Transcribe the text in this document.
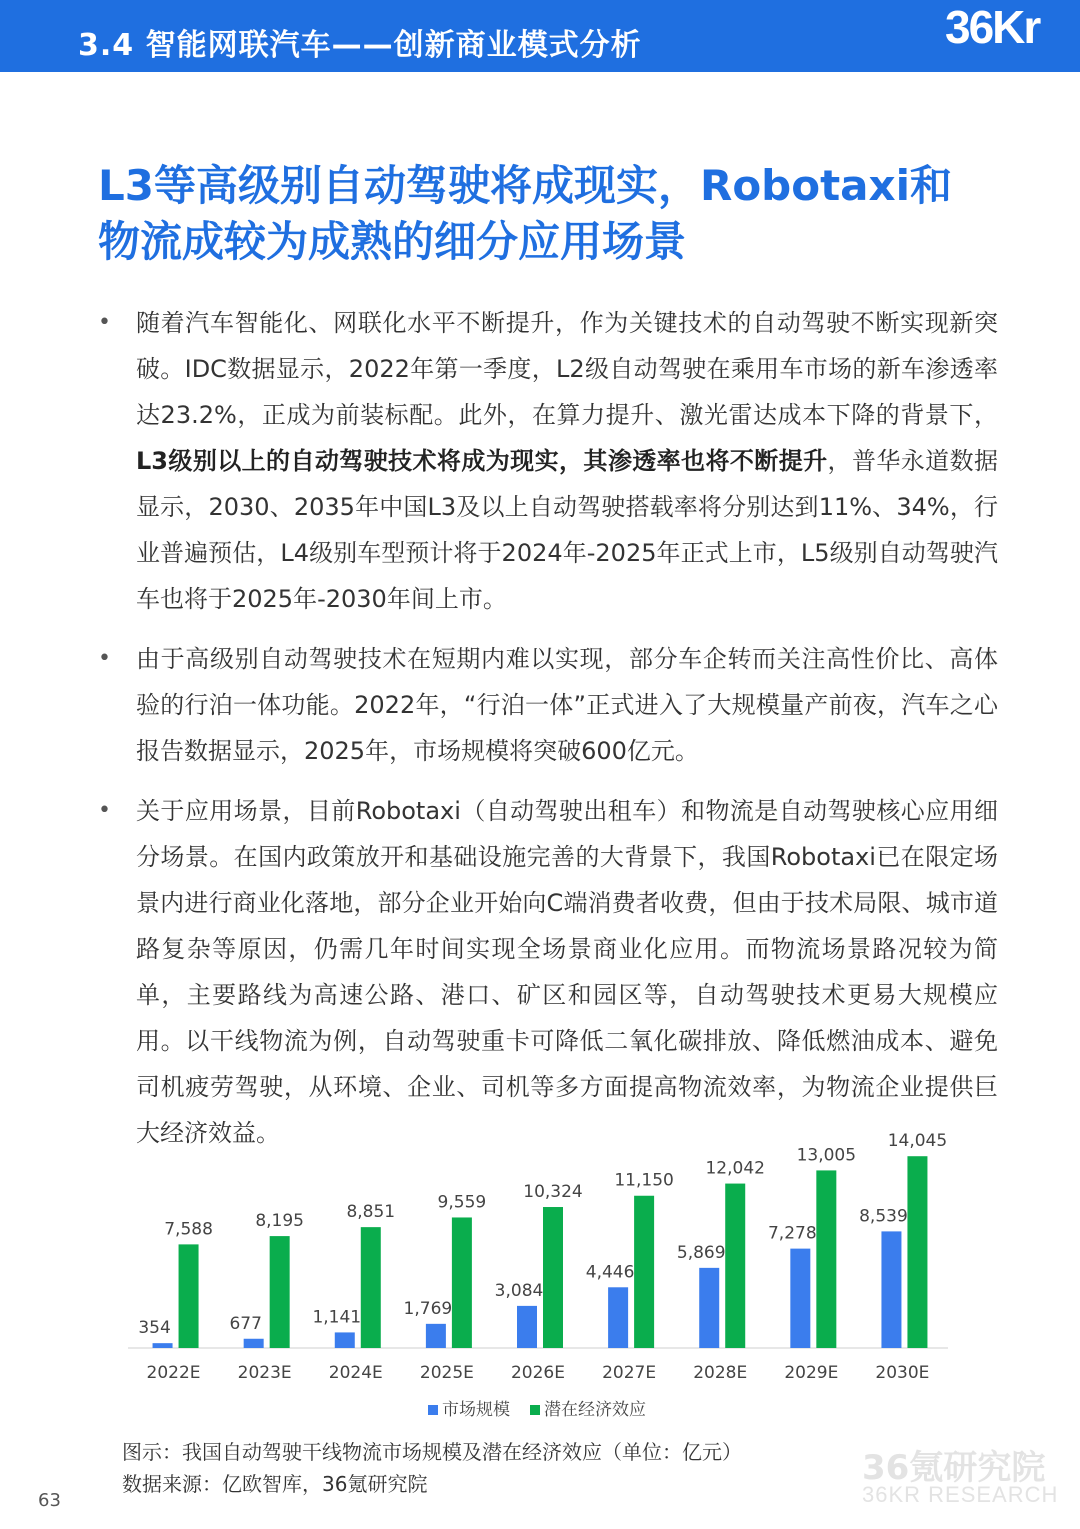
3.4 智能网联汽车——创新商业模式分析	36Kr
L3等高级别自动驾驶将成现实，Robotaxi和
物流成较为成熟的细分应用场景
• 随着汽车智能化、网联化水平不断提升，作为关键技术的自动驾驶不断实现新突破。IDC数据显示，2022年第一季度，L2级自动驾驶在乘用车市场的新车渗透率达23.2%，正成为前装标配。此外，在算力提升、激光雷达成本下降的背景下，L3级别以上的自动驾驶技术将成为现实，其渗透率也将不断提升，普华永道数据显示，2030、2035年中国L3及以上自动驾驶搭载率将分别达到11%、34%，行业普遍预估，L4级别车型预计将于2024年-2025年正式上市，L5级别自动驾驶汽车也将于2025年-2030年间上市。
• 由于高级别自动驾驶技术在短期内难以实现，部分车企转而关注高性价比、高体验的行泊一体功能。2022年，“行泊一体”正式进入了大规模量产前夜，汽车之心报告数据显示，2025年，市场规模将突破600亿元。
• 关于应用场景，目前Robotaxi（自动驾驶出租车）和物流是自动驾驶核心应用细分场景。在国内政策放开和基础设施完善的大背景下，我国Robotaxi已在限定场景内进行商业化落地，部分企业开始向C端消费者收费，但由于技术局限、城市道路复杂等原因，仍需几年时间实现全场景商业化应用。而物流场景路况较为简单，主要路线为高速公路、港口、矿区和园区等，自动驾驶技术更易大规模应用。以干线物流为例，自动驾驶重卡可降低二氧化碳排放、降低燃油成本、避免司机疲劳驾驶，从环境、企业、司机等多方面提高物流效率，为物流企业提供巨大经济效益。
354
7,588
2022E
677
8,195
2023E
1,141
8,851
2024E
1,769
9,559
2025E
3,084
10,324
2026E
4,446
11,150
2027E
5,869
12,042
2028E
7,278
13,005
2029E
8,539
14,045
2030E
市场规模 潜在经济效应
图示：我国自动驾驶干线物流市场规模及潜在经济效应（单位：亿元）
数据来源：亿欧智库，36氪研究院	36氪研究院
36KR RESEARCH
63
